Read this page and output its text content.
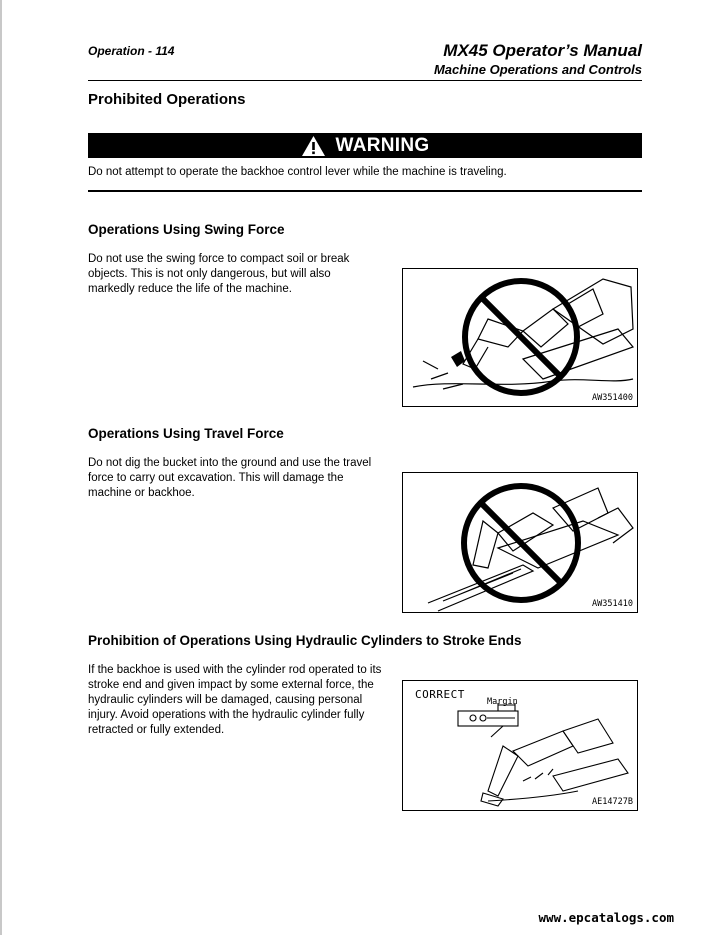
Operation - 114	MX45 Operator’s Manual
Machine Operations and Controls
Prohibited Operations
WARNING
Do not attempt to operate the backhoe control lever while the machine is traveling.
Operations Using Swing Force
Do not use the swing force to compact soil or break objects. This is not only dangerous, but will also markedly reduce the life of the machine.
AW351400
Operations Using Travel Force
Do not dig the bucket into the ground and use the travel force to carry out excavation. This will damage the machine or backhoe.
AW351410
Prohibition of Operations Using Hydraulic Cylinders to Stroke Ends
If the backhoe is used with the cylinder rod operated to its stroke end and given impact by some external force, the hydraulic cylinders will be damaged, causing personal injury. Avoid operations with the hydraulic cylinder fully retracted or fully extended.
CORRECT
Margin
AE14727B
www.epcatalogs.com
